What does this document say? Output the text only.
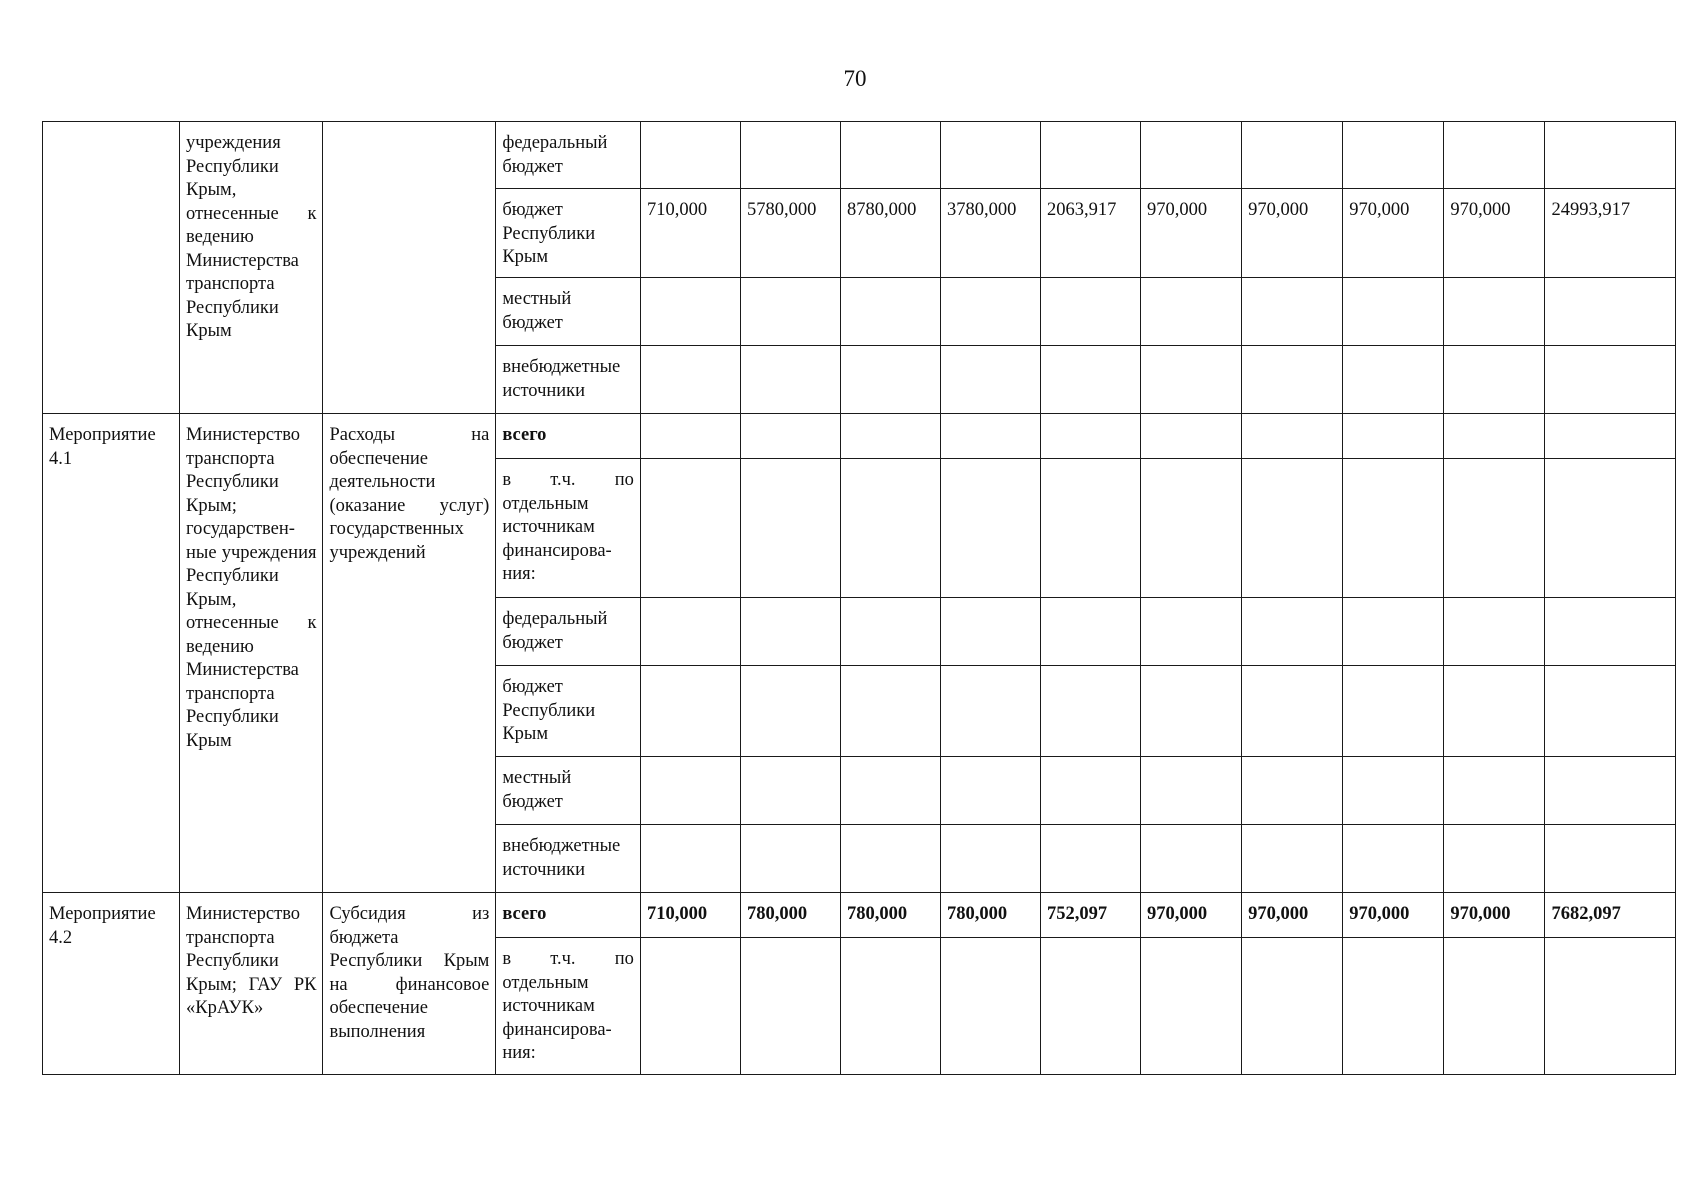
70
	учреждения Республики Крым, отнесенные к ведению Министерства транспорта Республики Крым		федеральный бюджет										
			бюджет Республики Крым	710,000	5780,000	8780,000	3780,000	2063,917	970,000	970,000	970,000	970,000	24993,917
			местный бюджет										
			внебюджетные источники										
Мероприятие 4.1	Министерство транспорта Республики Крым; государствен-ные учреждения Республики Крым, отнесенные к ведению Министерства транспорта Республики Крым	Расходы на обеспечение деятельности (оказание услуг) государственных учреждений	всего										
			в т.ч. по отдельным источникам финансирова-ния:										
			федеральный бюджет										
			бюджет Республики Крым										
			местный бюджет										
			внебюджетные источники										
Мероприятие 4.2	Министерство транспорта Республики Крым; ГАУ РК «КрАУК»	Субсидия из бюджета Республики Крым на финансовое обеспечение выполнения	всего	710,000	780,000	780,000	780,000	752,097	970,000	970,000	970,000	970,000	7682,097
			в т.ч. по отдельным источникам финансирова-ния:										
